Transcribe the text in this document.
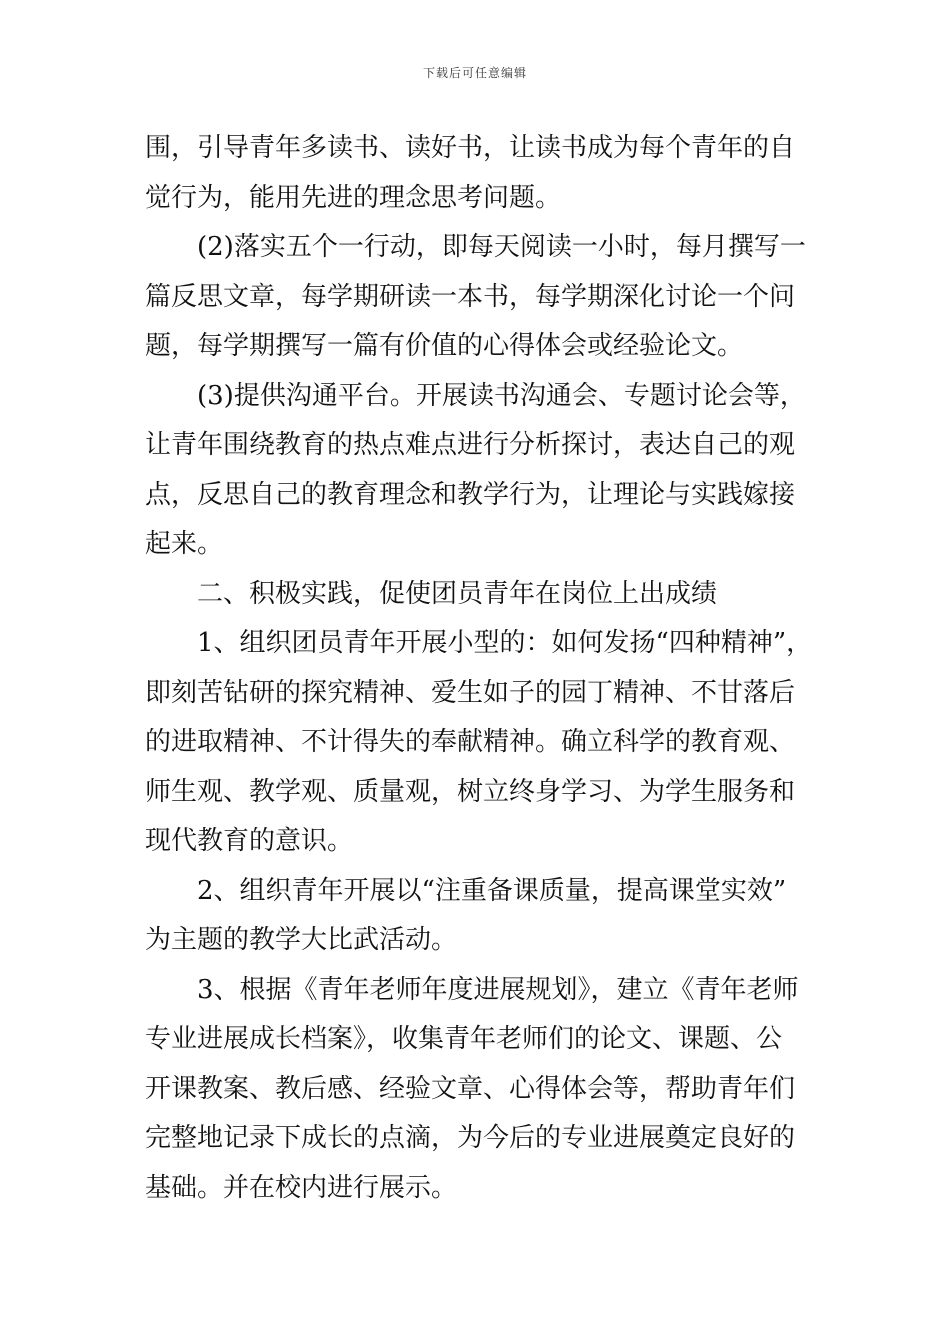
下载后可任意编辑
围，引导青年多读书、读好书，让读书成为每个青年的自
觉行为，能用先进的理念思考问题。
(2)落实五个一行动，即每天阅读一小时，每月撰写一
篇反思文章，每学期研读一本书，每学期深化讨论一个问
题，每学期撰写一篇有价值的心得体会或经验论文。
(3)提供沟通平台。开展读书沟通会、专题讨论会等，
让青年围绕教育的热点难点进行分析探讨，表达自己的观
点，反思自己的教育理念和教学行为，让理论与实践嫁接
起来。
二、积极实践，促使团员青年在岗位上出成绩
1、组织团员青年开展小型的：如何发扬“四种精神”，
即刻苦钻研的探究精神、爱生如子的园丁精神、不甘落后
的进取精神、不计得失的奉献精神。确立科学的教育观、
师生观、教学观、质量观，树立终身学习、为学生服务和
现代教育的意识。
2、组织青年开展以“注重备课质量，提高课堂实效”
为主题的教学大比武活动。
3、根据《青年老师年度进展规划》，建立《青年老师
专业进展成长档案》，收集青年老师们的论文、课题、公
开课教案、教后感、经验文章、心得体会等，帮助青年们
完整地记录下成长的点滴，为今后的专业进展奠定良好的
基础。并在校内进行展示。
